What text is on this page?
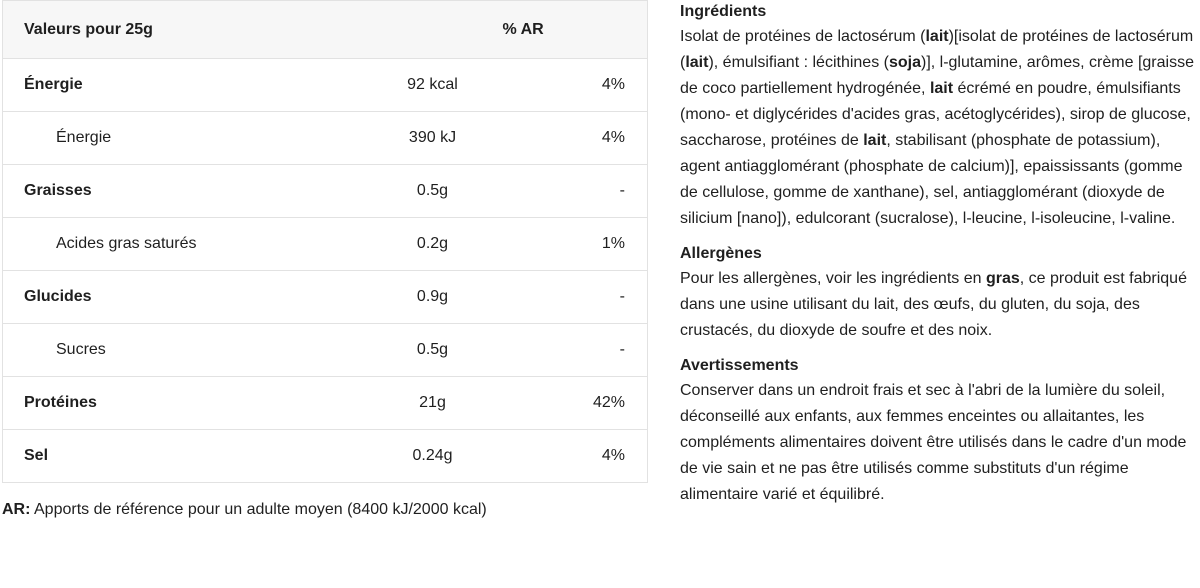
Valeurs pour 25g		% AR
Énergie	92 kcal	4%
Énergie	390 kJ	4%
Graisses	0.5g	-
Acides gras saturés	0.2g	1%
Glucides	0.9g	-
Sucres	0.5g	-
Protéines	21g	42%
Sel	0.24g	4%
AR: Apports de référence pour un adulte moyen (8400 kJ/2000 kcal)
Ingrédients

Isolat de protéines de lactosérum (lait)[isolat de protéines de lactosérum (lait), émulsifiant : lécithines (soja)], l-glutamine, arômes, crème [graisse de coco partiellement hydrogénée, lait écrémé en poudre, émulsifiants (mono- et diglycérides d'acides gras, acétoglycérides), sirop de glucose, saccharose, protéines de lait, stabilisant (phosphate de potassium), agent antiagglomérant (phosphate de calcium)], epaississants (gomme de cellulose, gomme de xanthane), sel, antiagglomérant (dioxyde de silicium [nano]), edulcorant (sucralose), l-leucine, l-isoleucine, l-valine.

Allergènes

Pour les allergènes, voir les ingrédients en gras, ce produit est fabriqué dans une usine utilisant du lait, des œufs, du gluten, du soja, des crustacés, du dioxyde de soufre et des noix.

Avertissements

Conserver dans un endroit frais et sec à l'abri de la lumière du soleil, déconseillé aux enfants, aux femmes enceintes ou allaitantes, les compléments alimentaires doivent être utilisés dans le cadre d'un mode de vie sain et ne pas être utilisés comme substituts d'un régime alimentaire varié et équilibré.
